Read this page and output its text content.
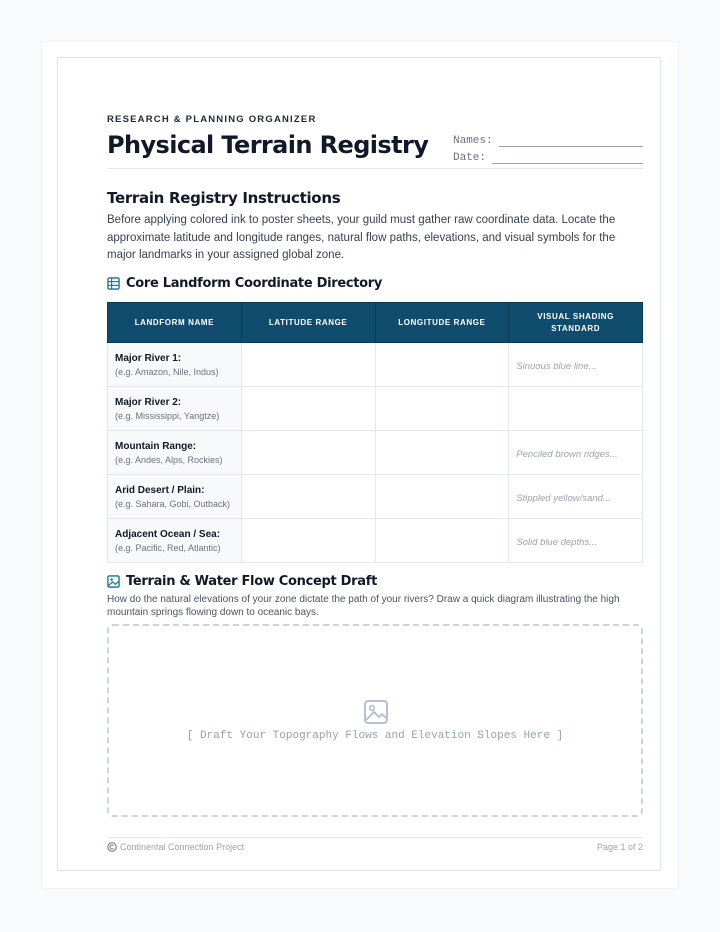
RESEARCH & PLANNING ORGANIZER
Physical Terrain Registry Names:
Date:
Terrain Registry Instructions
Before applying colored ink to poster sheets, your guild must gather raw coordinate data. Locate the approximate latitude and longitude ranges, natural flow paths, elevations, and visual symbols for the major landmarks in your assigned global zone.
Core Landform Coordinate Directory
LANDFORM NAME	LATITUDE RANGE	LONGITUDE RANGE	VISUAL SHADING STANDARD

Major River 1:
(e.g. Amazon, Nile, Indus)			Sinuous blue line...

Major River 2:
(e.g. Mississippi, Yangtze)			

Mountain Range:
(e.g. Andes, Alps, Rockies)			Penciled brown ridges...

Arid Desert / Plain:
(e.g. Sahara, Gobi, Outback)			Stippled yellow/sand...

Adjacent Ocean / Sea:
(e.g. Pacific, Red, Atlantic)			Solid blue depths...
Terrain & Water Flow Concept Draft
How do the natural elevations of your zone dictate the path of your rivers? Draw a quick diagram illustrating the high mountain springs flowing down to oceanic bays.
[ Draft Your Topography Flows and Elevation Slopes Here ]
Continental Connection Project	Page 1 of 2
